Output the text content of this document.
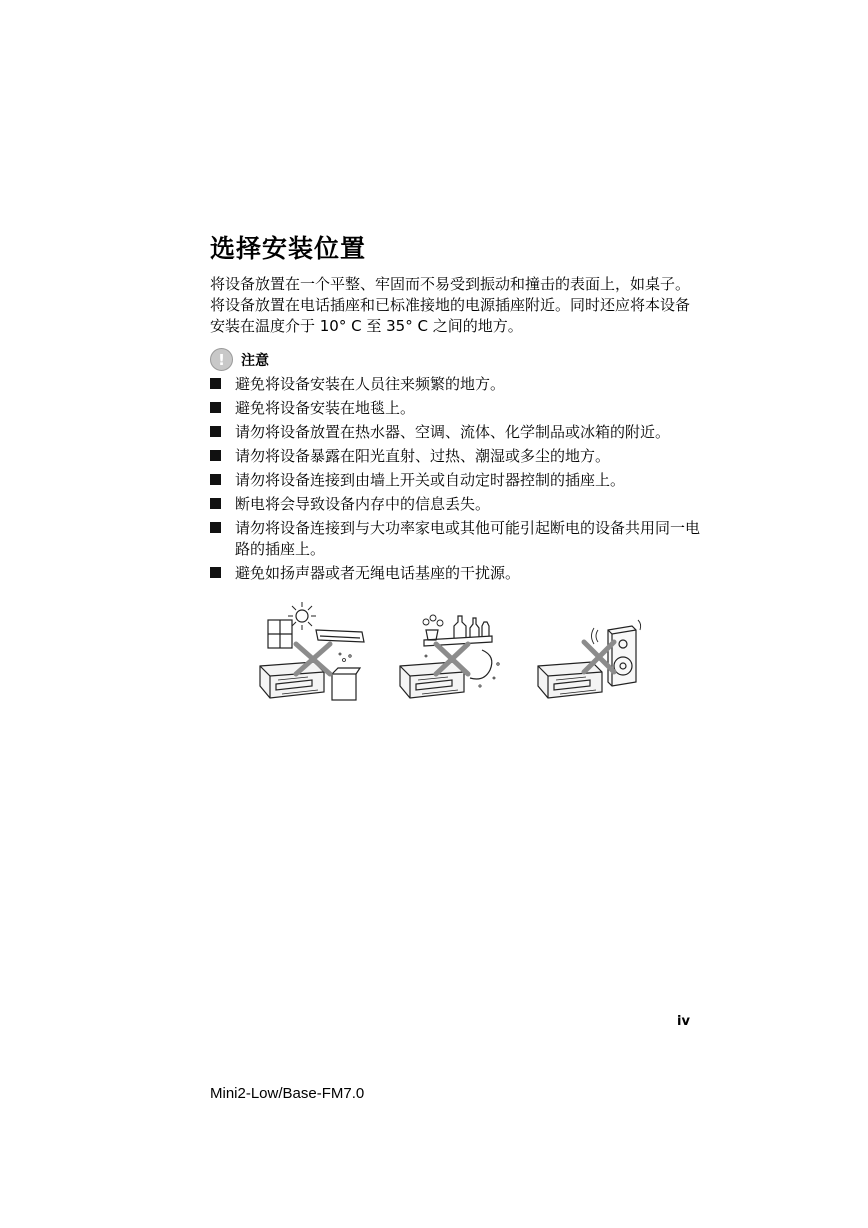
选择安装位置

将设备放置在一个平整、牢固而不易受到振动和撞击的表面上，如桌子。将设备放置在电话插座和已标准接地的电源插座附近。同时还应将本设备安装在温度介于 10° C 至 35° C 之间的地方。

!	注意
避免将设备安装在人员往来频繁的地方。
避免将设备安装在地毯上。
请勿将设备放置在热水器、空调、流体、化学制品或冰箱的附近。
请勿将设备暴露在阳光直射、过热、潮湿或多尘的地方。
请勿将设备连接到由墙上开关或自动定时器控制的插座上。
断电将会导致设备内存中的信息丢失。
请勿将设备连接到与大功率家电或其他可能引起断电的设备共用同一电路的插座上。
避免如扬声器或者无绳电话基座的干扰源。
iv
Mini2-Low/Base-FM7.0
